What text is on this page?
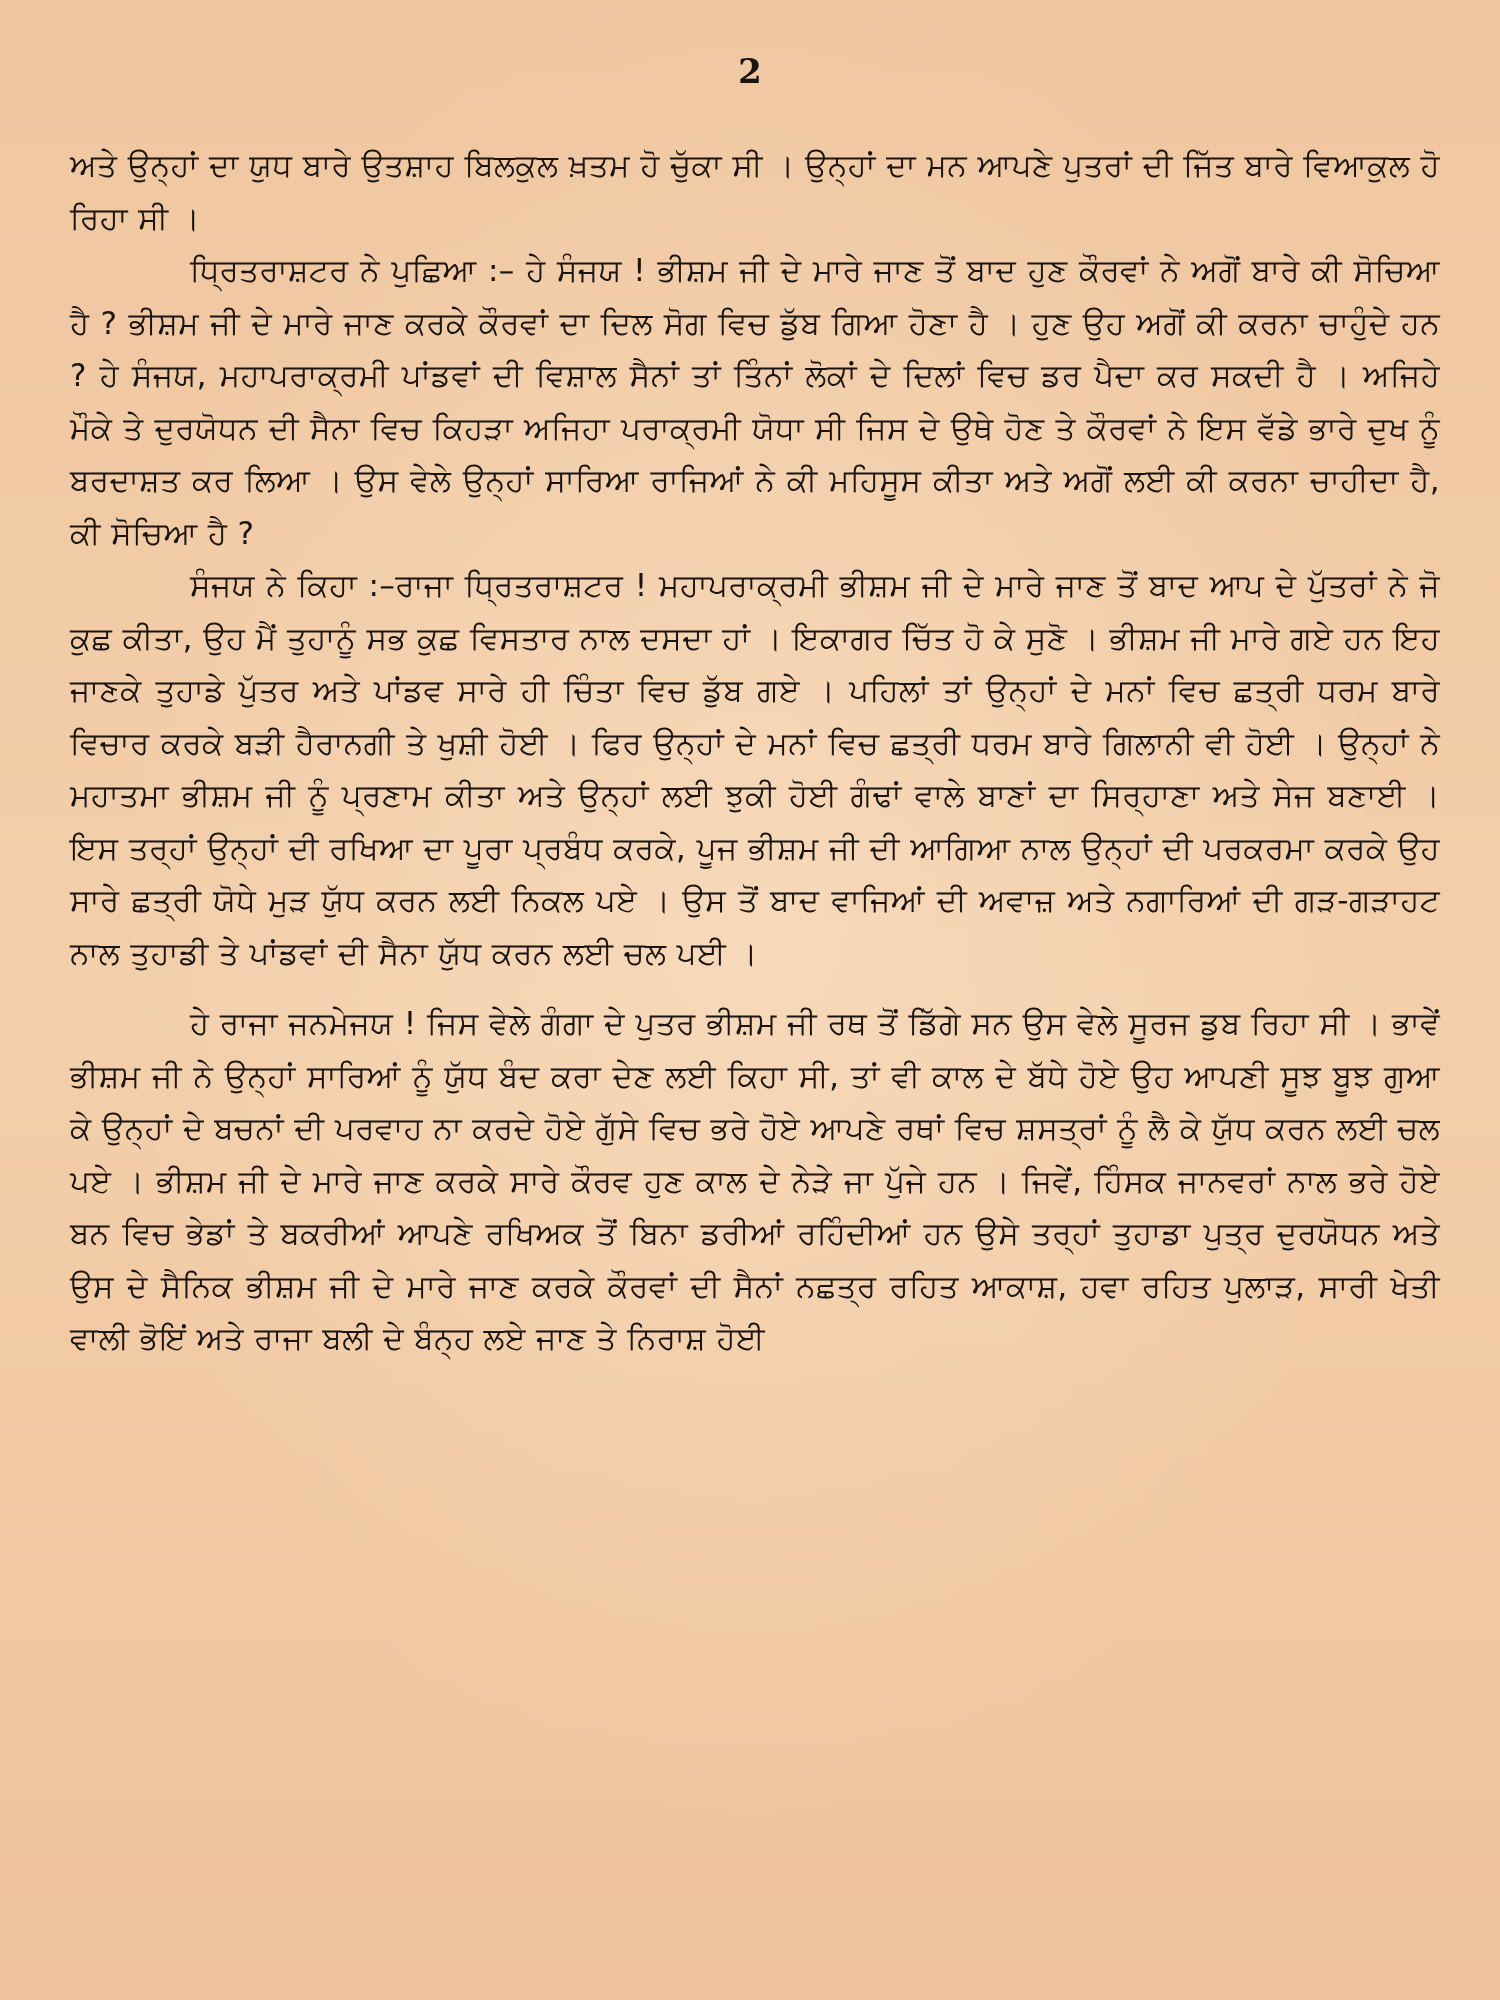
2

ਅਤੇ ਉਨ੍ਹਾਂ ਦਾ ਯੁਧ ਬਾਰੇ ਉਤਸ਼ਾਹ ਬਿਲਕੁਲ ਖ਼ਤਮ ਹੋ ਚੁੱਕਾ ਸੀ । ਉਨ੍ਹਾਂ ਦਾ ਮਨ ਆਪਣੇ ਪੁਤਰਾਂ ਦੀ ਜਿੱਤ ਬਾਰੇ ਵਿਆਕੁਲ ਹੋ ਰਿਹਾ ਸੀ ।

ਧ੍ਰਿਤਰਾਸ਼ਟਰ ਨੇ ਪੁਛਿਆ :– ਹੇ ਸੰਜਯ ! ਭੀਸ਼ਮ ਜੀ ਦੇ ਮਾਰੇ ਜਾਣ ਤੋਂ ਬਾਦ ਹੁਣ ਕੌਰਵਾਂ ਨੇ ਅਗੋਂ ਬਾਰੇ ਕੀ ਸੋਚਿਆ ਹੈ ? ਭੀਸ਼ਮ ਜੀ ਦੇ ਮਾਰੇ ਜਾਣ ਕਰਕੇ ਕੌਰਵਾਂ ਦਾ ਦਿਲ ਸੋਗ ਵਿਚ ਡੁੱਬ ਗਿਆ ਹੋਣਾ ਹੈ । ਹੁਣ ਉਹ ਅਗੋਂ ਕੀ ਕਰਨਾ ਚਾਹੁੰਦੇ ਹਨ ? ਹੇ ਸੰਜਯ, ਮਹਾਪਰਾਕ੍ਰਮੀ ਪਾਂਡਵਾਂ ਦੀ ਵਿਸ਼ਾਲ ਸੈਨਾਂ ਤਾਂ ਤਿੰਨਾਂ ਲੋਕਾਂ ਦੇ ਦਿਲਾਂ ਵਿਚ ਡਰ ਪੈਦਾ ਕਰ ਸਕਦੀ ਹੈ । ਅਜਿਹੇ ਮੌਕੇ ਤੇ ਦੁਰਯੋਧਨ ਦੀ ਸੈਨਾ ਵਿਚ ਕਿਹੜਾ ਅਜਿਹਾ ਪਰਾਕ੍ਰਮੀ ਯੋਧਾ ਸੀ ਜਿਸ ਦੇ ਉਥੇ ਹੋਣ ਤੇ ਕੌਰਵਾਂ ਨੇ ਇਸ ਵੱਡੇ ਭਾਰੇ ਦੁਖ ਨੂੰ ਬਰਦਾਸ਼ਤ ਕਰ ਲਿਆ । ਉਸ ਵੇਲੇ ਉਨ੍ਹਾਂ ਸਾਰਿਆ ਰਾਜਿਆਂ ਨੇ ਕੀ ਮਹਿਸੂਸ ਕੀਤਾ ਅਤੇ ਅਗੋਂ ਲਈ ਕੀ ਕਰਨਾ ਚਾਹੀਦਾ ਹੈ, ਕੀ ਸੋਚਿਆ ਹੈ ?

ਸੰਜਯ ਨੇ ਕਿਹਾ :–ਰਾਜਾ ਧ੍ਰਿਤਰਾਸ਼ਟਰ ! ਮਹਾਪਰਾਕ੍ਰਮੀ ਭੀਸ਼ਮ ਜੀ ਦੇ ਮਾਰੇ ਜਾਣ ਤੋਂ ਬਾਦ ਆਪ ਦੇ ਪੁੱਤਰਾਂ ਨੇ ਜੋ ਕੁਛ ਕੀਤਾ, ਉਹ ਮੈਂ ਤੁਹਾਨੂੰ ਸਭ ਕੁਛ ਵਿਸਤਾਰ ਨਾਲ ਦਸਦਾ ਹਾਂ । ਇਕਾਗਰ ਚਿੱਤ ਹੋ ਕੇ ਸੁਣੋ । ਭੀਸ਼ਮ ਜੀ ਮਾਰੇ ਗਏ ਹਨ ਇਹ ਜਾਣਕੇ ਤੁਹਾਡੇ ਪੁੱਤਰ ਅਤੇ ਪਾਂਡਵ ਸਾਰੇ ਹੀ ਚਿੰਤਾ ਵਿਚ ਡੁੱਬ ਗਏ । ਪਹਿਲਾਂ ਤਾਂ ਉਨ੍ਹਾਂ ਦੇ ਮਨਾਂ ਵਿਚ ਛਤ੍ਰੀ ਧਰਮ ਬਾਰੇ ਵਿਚਾਰ ਕਰਕੇ ਬੜੀ ਹੈਰਾਨਗੀ ਤੇ ਖੁਸ਼ੀ ਹੋਈ । ਫਿਰ ਉਨ੍ਹਾਂ ਦੇ ਮਨਾਂ ਵਿਚ ਛਤ੍ਰੀ ਧਰਮ ਬਾਰੇ ਗਿਲਾਨੀ ਵੀ ਹੋਈ । ਉਨ੍ਹਾਂ ਨੇ ਮਹਾਤਮਾ ਭੀਸ਼ਮ ਜੀ ਨੂੰ ਪ੍ਰਣਾਮ ਕੀਤਾ ਅਤੇ ਉਨ੍ਹਾਂ ਲਈ ਝੁਕੀ ਹੋਈ ਗੰਢਾਂ ਵਾਲੇ ਬਾਣਾਂ ਦਾ ਸਿਰ੍ਹਾਣਾ ਅਤੇ ਸੇਜ ਬਣਾਈ । ਇਸ ਤਰ੍ਹਾਂ ਉਨ੍ਹਾਂ ਦੀ ਰਖਿਆ ਦਾ ਪੂਰਾ ਪ੍ਰਬੰਧ ਕਰਕੇ, ਪੂਜ ਭੀਸ਼ਮ ਜੀ ਦੀ ਆਗਿਆ ਨਾਲ ਉਨ੍ਹਾਂ ਦੀ ਪਰਕਰਮਾ ਕਰਕੇ ਉਹ ਸਾਰੇ ਛਤ੍ਰੀ ਯੋਧੇ ਮੁੜ ਯੁੱਧ ਕਰਨ ਲਈ ਨਿਕਲ ਪਏ । ਉਸ ਤੋਂ ਬਾਦ ਵਾਜਿਆਂ ਦੀ ਅਵਾਜ਼ ਅਤੇ ਨਗਾਰਿਆਂ ਦੀ ਗੜ-ਗੜਾਹਟ ਨਾਲ ਤੁਹਾਡੀ ਤੇ ਪਾਂਡਵਾਂ ਦੀ ਸੈਨਾ ਯੁੱਧ ਕਰਨ ਲਈ ਚਲ ਪਈ ।

ਹੇ ਰਾਜਾ ਜਨਮੇਜਯ ! ਜਿਸ ਵੇਲੇ ਗੰਗਾ ਦੇ ਪੁਤਰ ਭੀਸ਼ਮ ਜੀ ਰਥ ਤੋਂ ਡਿੱਗੇ ਸਨ ਉਸ ਵੇਲੇ ਸੂਰਜ ਡੁਬ ਰਿਹਾ ਸੀ । ਭਾਵੇਂ ਭੀਸ਼ਮ ਜੀ ਨੇ ਉਨ੍ਹਾਂ ਸਾਰਿਆਂ ਨੂੰ ਯੁੱਧ ਬੰਦ ਕਰਾ ਦੇਣ ਲਈ ਕਿਹਾ ਸੀ, ਤਾਂ ਵੀ ਕਾਲ ਦੇ ਬੱਧੇ ਹੋਏ ਉਹ ਆਪਣੀ ਸੂਝ ਬੂਝ ਗੁਆ ਕੇ ਉਨ੍ਹਾਂ ਦੇ ਬਚਨਾਂ ਦੀ ਪਰਵਾਹ ਨਾ ਕਰਦੇ ਹੋਏ ਗੁੱਸੇ ਵਿਚ ਭਰੇ ਹੋਏ ਆਪਣੇ ਰਥਾਂ ਵਿਚ ਸ਼ਸਤ੍ਰਾਂ ਨੂੰ ਲੈ ਕੇ ਯੁੱਧ ਕਰਨ ਲਈ ਚਲ ਪਏ । ਭੀਸ਼ਮ ਜੀ ਦੇ ਮਾਰੇ ਜਾਣ ਕਰਕੇ ਸਾਰੇ ਕੌਰਵ ਹੁਣ ਕਾਲ ਦੇ ਨੇੜੇ ਜਾ ਪੁੱਜੇ ਹਨ । ਜਿਵੇਂ, ਹਿੰਸਕ ਜਾਨਵਰਾਂ ਨਾਲ ਭਰੇ ਹੋਏ ਬਨ ਵਿਚ ਭੇਡਾਂ ਤੇ ਬਕਰੀਆਂ ਆਪਣੇ ਰਖਿਅਕ ਤੋਂ ਬਿਨਾ ਡਰੀਆਂ ਰਹਿੰਦੀਆਂ ਹਨ ਉਸੇ ਤਰ੍ਹਾਂ ਤੁਹਾਡਾ ਪੁਤ੍ਰ ਦੁਰਯੋਧਨ ਅਤੇ ਉਸ ਦੇ ਸੈਨਿਕ ਭੀਸ਼ਮ ਜੀ ਦੇ ਮਾਰੇ ਜਾਣ ਕਰਕੇ ਕੌਰਵਾਂ ਦੀ ਸੈਨਾਂ ਨਛਤ੍ਰ ਰਹਿਤ ਆਕਾਸ਼, ਹਵਾ ਰਹਿਤ ਪੁਲਾੜ, ਸਾਰੀ ਖੇਤੀ ਵਾਲੀ ਭੋਇਂ ਅਤੇ ਰਾਜਾ ਬਲੀ ਦੇ ਬੰਨ੍ਹ ਲਏ ਜਾਣ ਤੇ ਨਿਰਾਸ਼ ਹੋਈ
